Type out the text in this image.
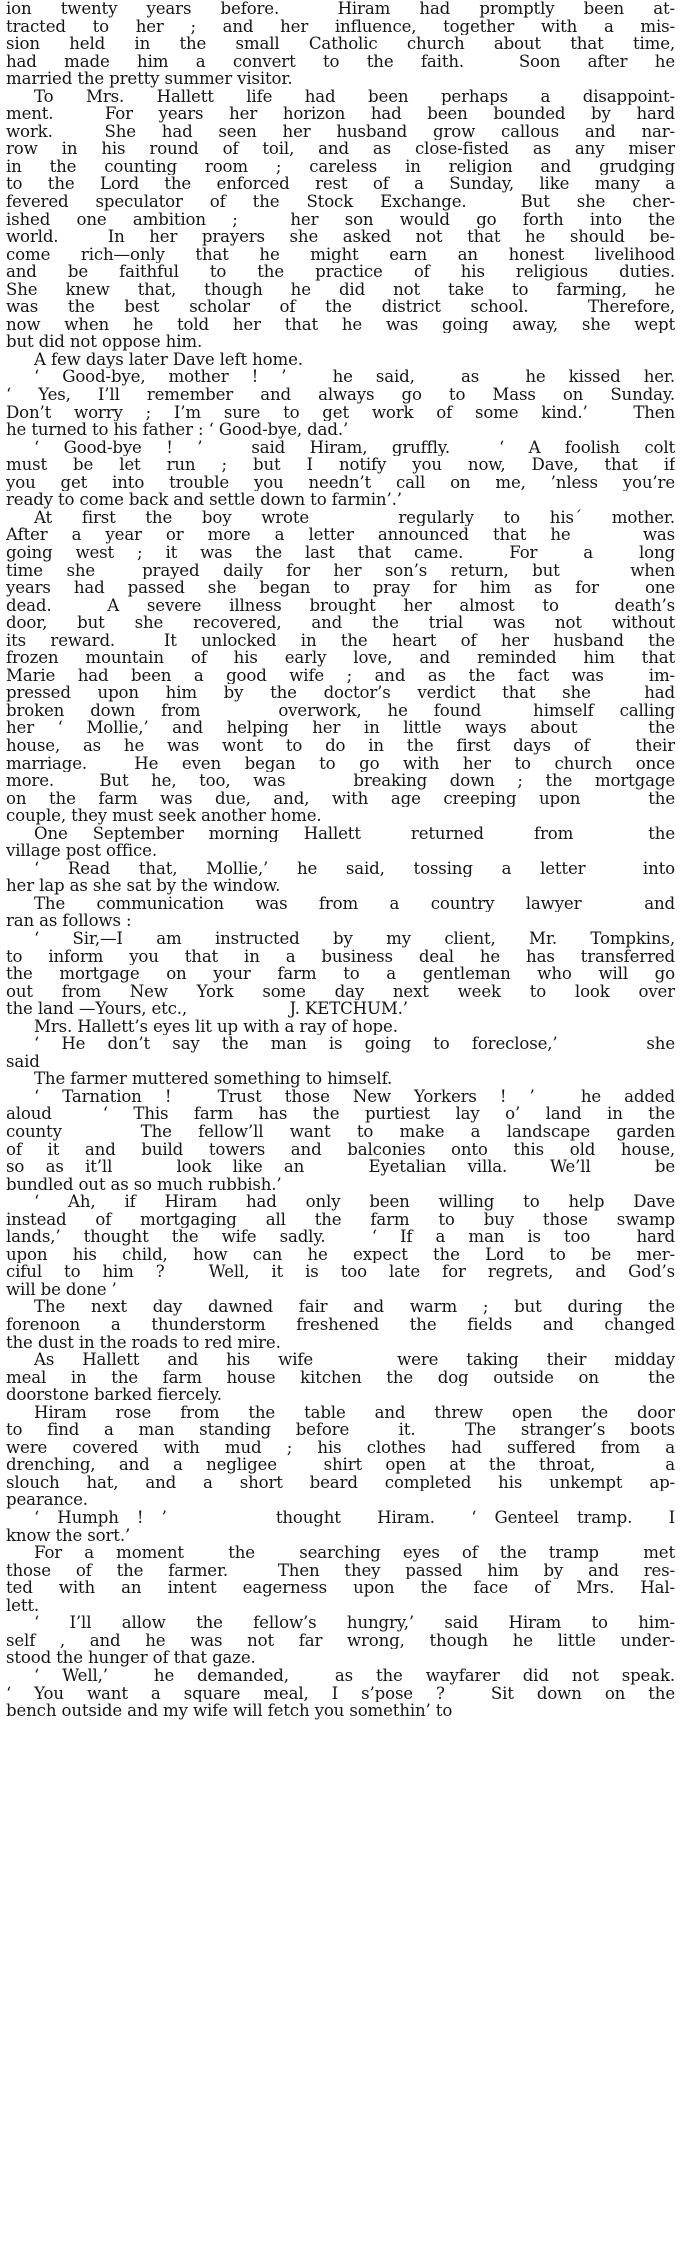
ion twenty years before.  Hiram had promptly been at-
tracted to her ; and her influence, together with a mis-
sion held in the small Catholic church about that time,
had made him a convert to the faith.  Soon after he
married the pretty summer visitor.
To Mrs. Hallett life had been perhaps a disappoint-
ment.  For years her horizon had been bounded by hard
work.  She had seen her husband grow callous and nar-
row in his round of toil, and as close-fisted as any miser
in the counting room ; careless in religion and grudging
to the Lord the enforced rest of a Sunday, like many a
fevered speculator of the Stock Exchange.  But she cher-
ished one ambition ;  her son would go forth into the
world.  In her prayers she asked not that he should be-
come rich—only that he might earn an honest livelihood
and be faithful to the practice of his religious duties.
She knew that, though he did not take to farming, he
was the best scholar of the district school.  Therefore,
now when he told her that he was going away, she wept
but did not oppose him.
A few days later Dave left home.
‘ Good-bye, mother ! ’  he said,  as  he kissed her.
‘ Yes, I’ll remember and always go to Mass on Sunday.
Don’t worry ; I’m sure to get work of some kind.’  Then
he turned to his father : ‘ Good-bye, dad.’
‘ Good-bye ! ’  said Hiram, gruffly.  ‘ A foolish colt
must be let run ; but I notify you now, Dave, that if
you get into trouble you needn’t call on me, ’nless you’re
ready to come back and settle down to farmin’.’
At first the boy wrote   regularly to his´ mother.
After a year or more a letter announced that he   was
going west ; it was the last that came.  For  a  long
time she  prayed daily for her son’s return, but   when
years had passed she began to pray for him as for  one
dead.  A severe illness brought her almost to  death’s
door, but she recovered, and the trial was not without
its reward.  It unlocked in the heart of her husband the
frozen mountain of his early love, and reminded him that
Marie had been a good wife ; and as the fact was  im-
pressed upon him by the doctor’s verdict that she  had
broken down from   overwork, he found  himself calling
her ‘ Mollie,’ and helping her in little ways about   the
house, as he was wont to do in the first days of  their
marriage.  He even began to go with her to church once
more.  But he, too, was   breaking down ; the mortgage
on the farm was due, and, with age creeping upon   the
couple, they must seek another home.
One September morning Hallett  returned  from   the
village post office.
‘ Read that, Mollie,’ he said, tossing a letter  into
her lap as she sat by the window.
The communication was from a country lawyer  and
ran as follows :
‘ Sir,—I am instructed by my client, Mr. Tompkins,
to inform you that in a business deal he has transferred
the mortgage on your farm to a gentleman who will go
out from New York some day next week to look over
the land —Yours, etc.,                    J. KETCHUM.’
Mrs. Hallett’s eyes lit up with a ray of hope.
‘ He don’t say the man is going to foreclose,’    she
said
The farmer muttered something to himself.
‘ Tarnation !  Trust those New Yorkers ! ’  he added
aloud  ‘ This farm has the purtiest lay o’ land in the
county   The fellow’ll want to make a landscape garden
of it and build towers and balconies onto this old house,
so as it’ll   look like an   Eyetalian villa.  We’ll   be
bundled out as so much rubbish.’
‘ Ah, if Hiram had only been willing to help Dave
instead of mortgaging all the farm to buy those swamp
lands,’ thought the wife sadly.  ‘ If a man is too  hard
upon his child, how can he expect the Lord to be mer-
ciful to him ?  Well, it is too late for regrets, and God’s
will be done ’
The next day dawned fair and warm ; but during the
forenoon a thunderstorm freshened the fields and changed
the dust in the roads to red mire.
As Hallett and his wife   were taking their midday
meal in the farm house kitchen the dog outside on  the
doorstone barked fiercely.
Hiram rose from the table and threw open the door
to find a man standing before  it.  The stranger’s boots
were covered with mud ; his clothes had suffered from a
drenching, and a negligee  shirt open at the throat,   a
slouch hat, and a short beard completed his unkempt ap-
pearance.
‘ Humph ! ’      thought  Hiram.  ‘ Genteel tramp.  I
know the sort.’
For a moment  the  searching eyes of the tramp  met
those of the farmer.  Then they passed him by and res-
ted with an intent eagerness upon the face of Mrs. Hal-
lett.
‘ I’ll allow the fellow’s hungry,’ said Hiram to him-
self , and he was not far wrong, though he little under-
stood the hunger of that gaze.
‘ Well,’  he demanded,  as the wayfarer did not speak.
‘ You want a square meal, I s’pose ?  Sit down on the
bench outside and my wife will fetch you somethin’ to
